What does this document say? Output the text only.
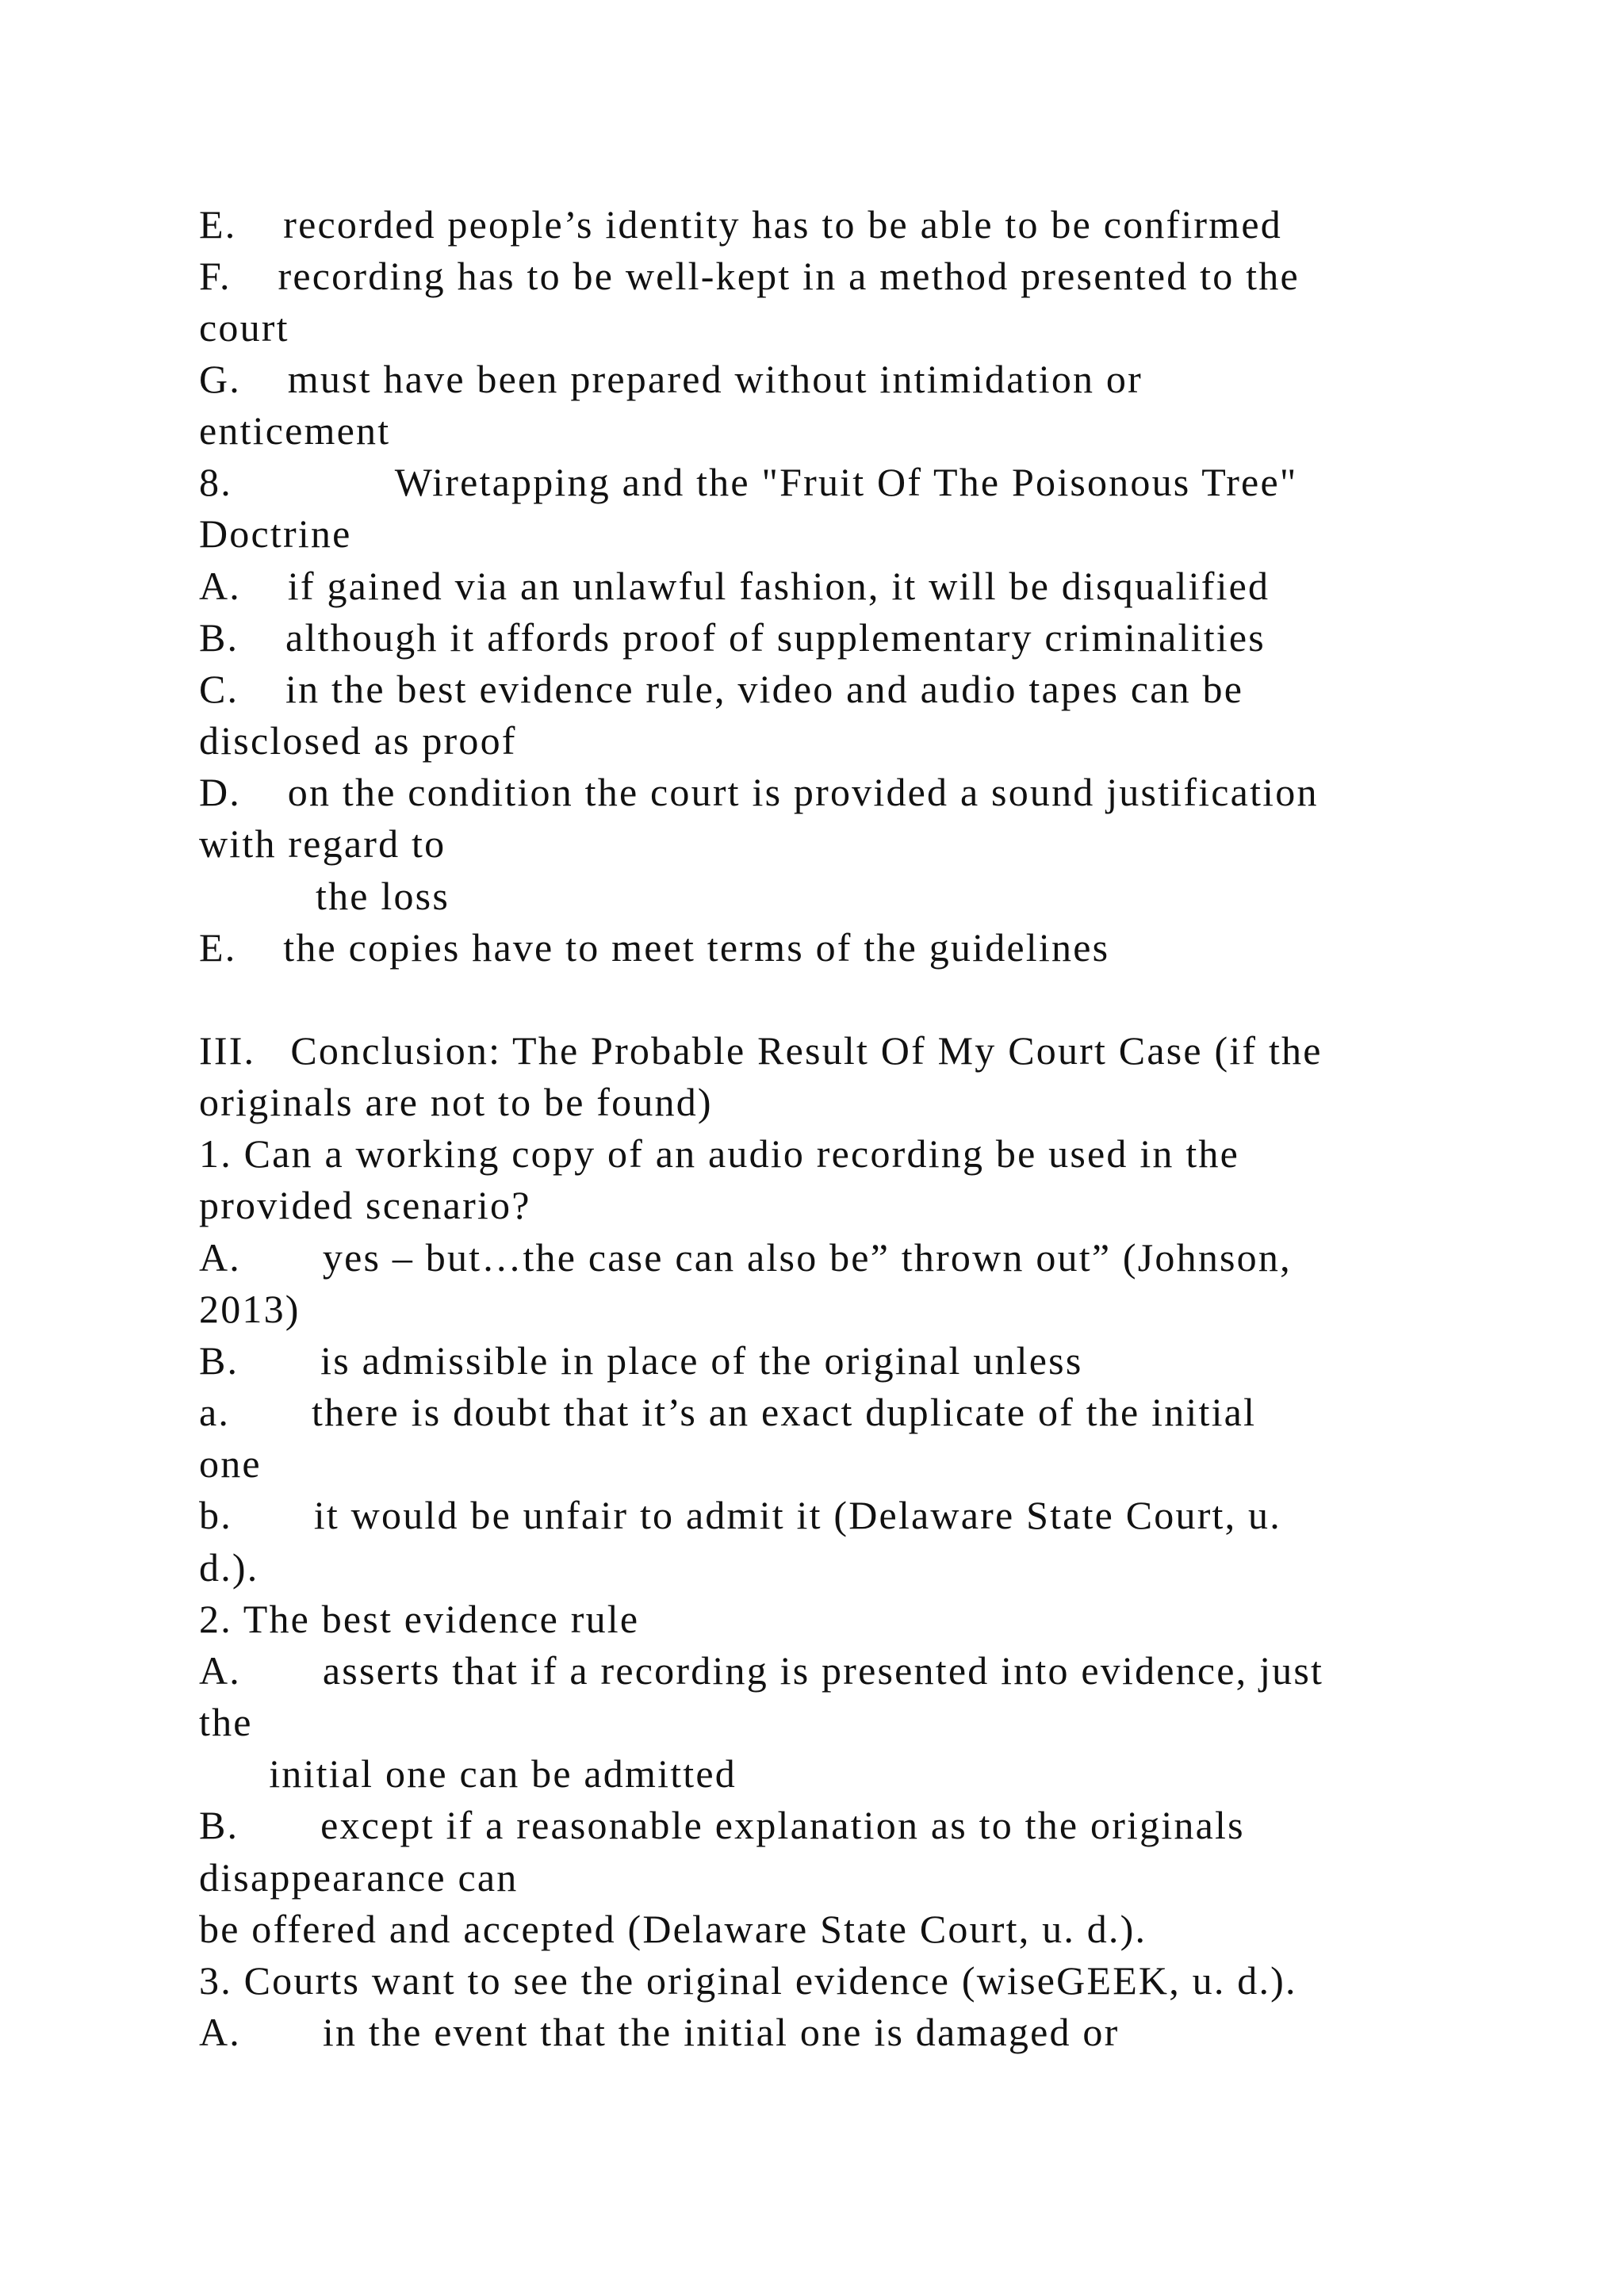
E.    recorded people’s identity has to be able to be confirmed
F.    recording has to be well-kept in a method presented to the
court
G.    must have been prepared without intimidation or
enticement
8.              Wiretapping and the "Fruit Of The Poisonous Tree"
Doctrine
A.    if gained via an unlawful fashion, it will be disqualified
B.    although it affords proof of supplementary criminalities
C.    in the best evidence rule, video and audio tapes can be
disclosed as proof
D.    on the condition the court is provided a sound justification
with regard to
the loss
E.    the copies have to meet terms of the guidelines
III.   Conclusion: The Probable Result Of My Court Case (if the
originals are not to be found)
1. Can a working copy of an audio recording be used in the
provided scenario?
A.       yes – but…the case can also be” thrown out” (Johnson,
2013)
B.       is admissible in place of the original unless
a.       there is doubt that it’s an exact duplicate of the initial
one
b.       it would be unfair to admit it (Delaware State Court, u.
d.).
2. The best evidence rule
A.       asserts that if a recording is presented into evidence, just
the
initial one can be admitted
B.       except if a reasonable explanation as to the originals
disappearance can
be offered and accepted (Delaware State Court, u. d.).
3. Courts want to see the original evidence (wiseGEEK, u. d.).
A.       in the event that the initial one is damaged or
